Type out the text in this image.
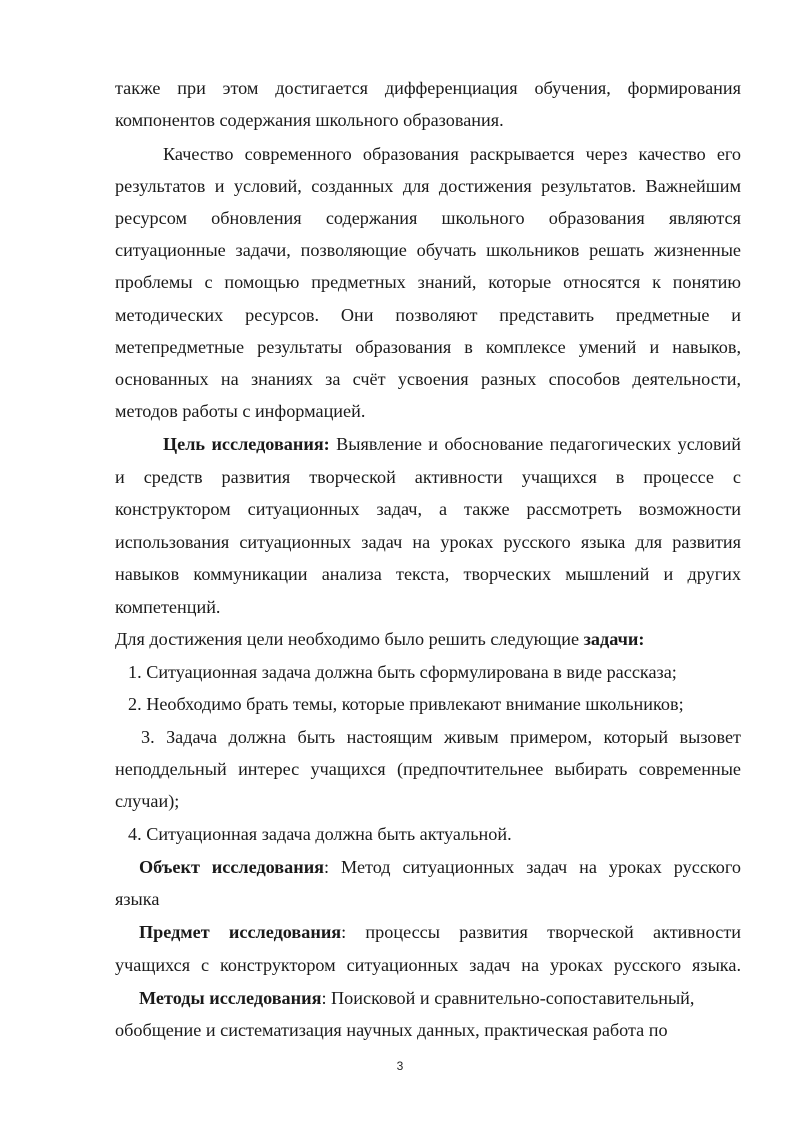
также при этом достигается дифференциация обучения, формирования
компонентов содержания школьного образования.
Качество современного образования раскрывается через качество его
результатов и условий, созданных для достижения результатов. Важнейшим
ресурсом обновления содержания школьного образования являются
ситуационные задачи, позволяющие обучать школьников решать жизненные
проблемы с помощью предметных знаний, которые относятся к понятию
методических ресурсов. Они позволяют представить предметные и
метепредметные результаты образования в комплексе умений и навыков,
основанных на знаниях за счёт усвоения разных способов деятельности,
методов работы с информацией.
Цель исследования: Выявление и обоснование педагогических условий
и средств развития творческой активности учащихся в процессе с
конструктором ситуационных задач, а также рассмотреть возможности
использования ситуационных задач на уроках русского языка для развития
навыков коммуникации анализа текста, творческих мышлений и других
компетенций.
Для достижения цели необходимо было решить следующие задачи:
1. Ситуационная задача должна быть сформулирована в виде рассказа;
2. Необходимо брать темы, которые привлекают внимание школьников;
3. Задача должна быть настоящим живым примером, который вызовет
неподдельный интерес учащихся (предпочтительнее выбирать современные
случаи);
4. Ситуационная задача должна быть актуальной.
Объект исследования: Метод ситуационных задач на уроках русского
языка
Предмет исследования: процессы развития творческой активности
учащихся с конструктором ситуационных задач на уроках русского языка.
Методы исследования: Поисковой и сравнительно-сопоставительный,
обобщение и систематизация научных данных, практическая работа по
3
